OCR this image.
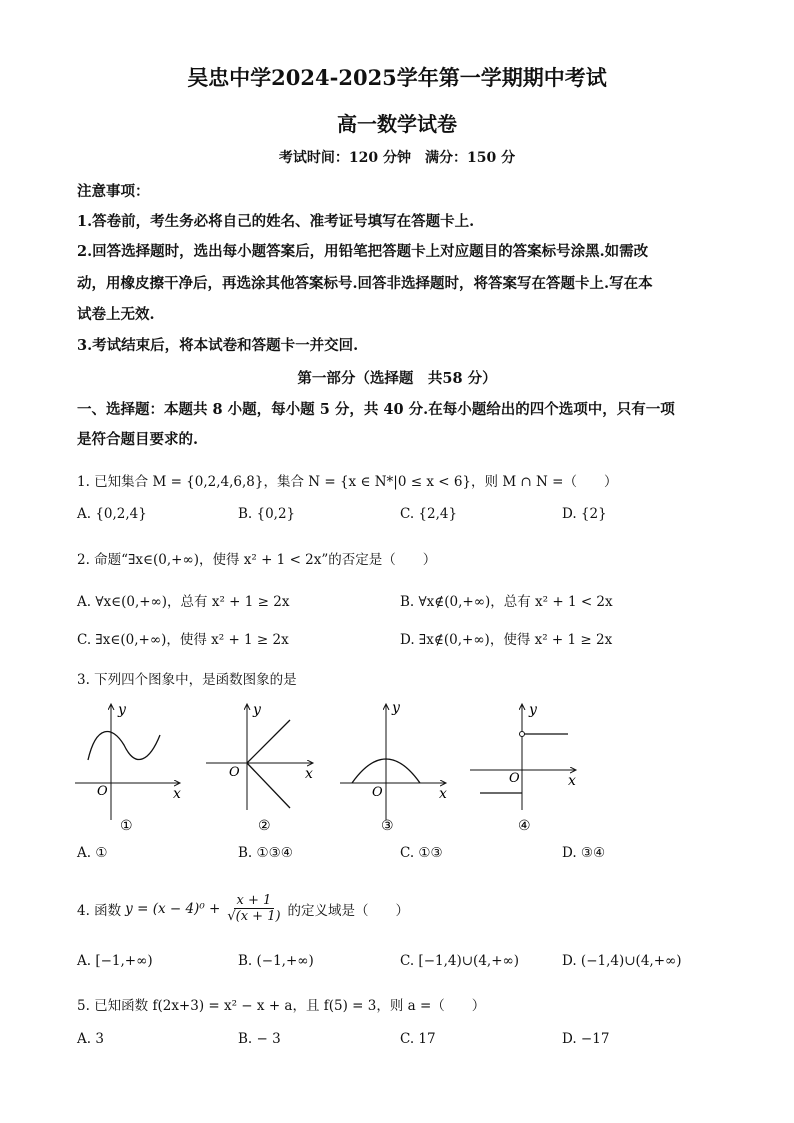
吴忠中学2024-2025学年第一学期期中考试
高一数学试卷
考试时间：120 分钟　满分：150 分
注意事项：
1.答卷前，考生务必将自己的姓名、准考证号填写在答题卡上.
2.回答选择题时，选出每小题答案后，用铅笔把答题卡上对应题目的答案标号涂黑.如需改
动，用橡皮擦干净后，再选涂其他答案标号.回答非选择题时，将答案写在答题卡上.写在本
试卷上无效.
3.考试结束后，将本试卷和答题卡一并交回.
第一部分（选择题　共58 分）
一、选择题：本题共 8 小题，每小题 5 分，共 40 分.在每小题给出的四个选项中，只有一项
是符合题目要求的.
1. 已知集合 M = {0,2,4,6,8}，集合 N = {x ∈ N*|0 ≤ x < 6}，则 M ∩ N =（　　）
A. {0,2,4}	B. {0,2}	C. {2,4}	D. {2}
2. 命题“∃x∈(0,+∞)，使得 x² + 1 < 2x”的否定是（　　）
A. ∀x∈(0,+∞)，总有 x² + 1 ≥ 2x	B. ∀x∉(0,+∞)，总有 x² + 1 < 2x
C. ∃x∈(0,+∞)，使得 x² + 1 ≥ 2x	D. ∃x∉(0,+∞)，使得 x² + 1 ≥ 2x
3. 下列四个图象中，是函数图象的是
O	x
y
①
O	x
y
②
O	x
y
③
O	x
y
④
A. ①	B. ①③④	C. ①③	D. ③④
4. 函数 $y = (x - 4)^0 + \frac{x + 1}{√(x + 1)}$ 的定义域是（　　）
A. [−1,+∞)	B. (−1,+∞)	C. [−1,4)∪(4,+∞)	D. (−1,4)∪(4,+∞)
5. 已知函数 f(2x+3) = x² − x + a，且 f(5) = 3，则 a =（　　）
A. 3	B. − 3	C. 17	D. −17
